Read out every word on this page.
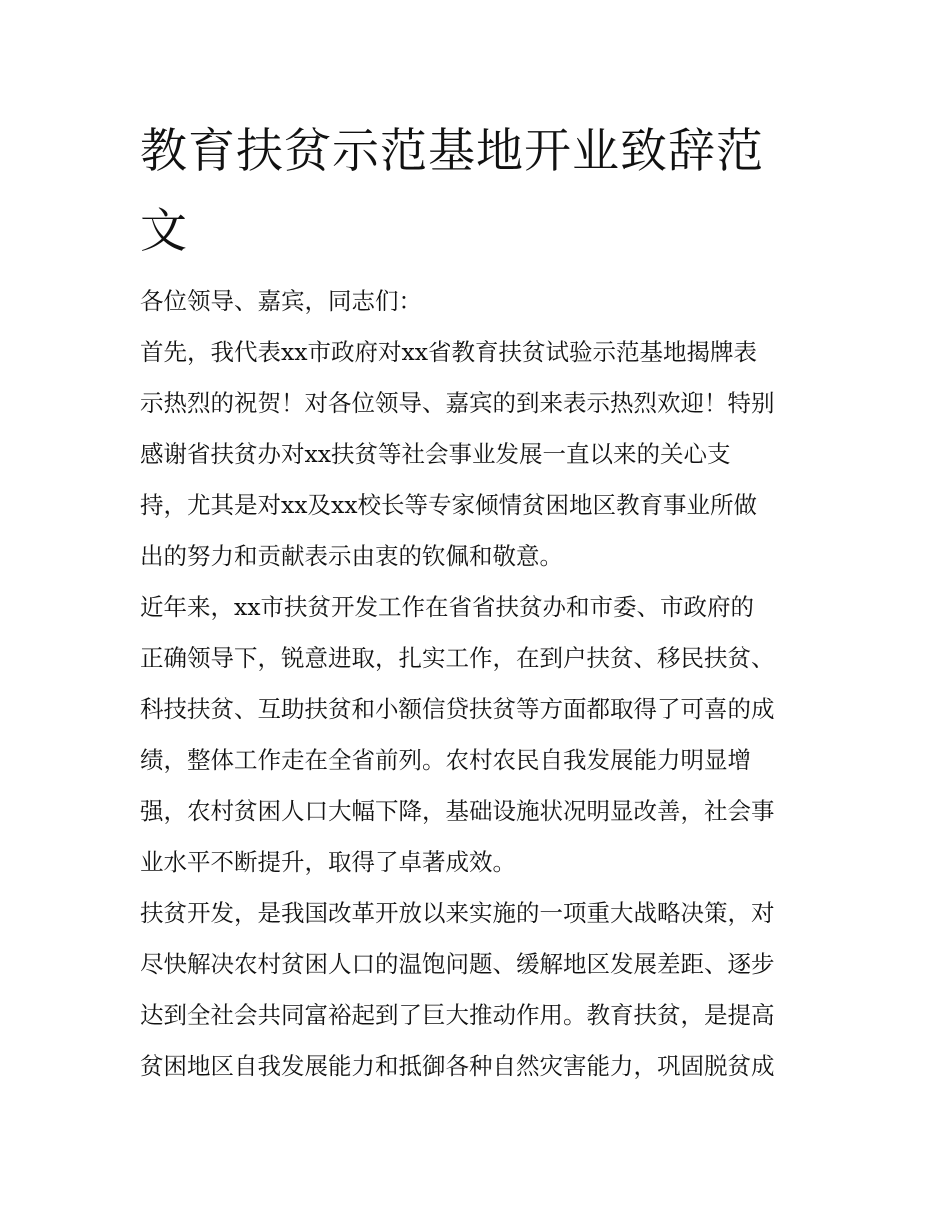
教育扶贫示范基地开业致辞范
文

各位领导、嘉宾，同志们：

首先，我代表xx市政府对xx省教育扶贫试验示范基地揭牌表
示热烈的祝贺！对各位领导、嘉宾的到来表示热烈欢迎！特别
感谢省扶贫办对xx扶贫等社会事业发展一直以来的关心支
持，尤其是对xx及xx校长等专家倾情贫困地区教育事业所做
出的努力和贡献表示由衷的钦佩和敬意。

近年来，xx市扶贫开发工作在省省扶贫办和市委、市政府的
正确领导下，锐意进取，扎实工作，在到户扶贫、移民扶贫、
科技扶贫、互助扶贫和小额信贷扶贫等方面都取得了可喜的成
绩，整体工作走在全省前列。农村农民自我发展能力明显增
强，农村贫困人口大幅下降，基础设施状况明显改善，社会事
业水平不断提升，取得了卓著成效。

扶贫开发，是我国改革开放以来实施的一项重大战略决策，对
尽快解决农村贫困人口的温饱问题、缓解地区发展差距、逐步
达到全社会共同富裕起到了巨大推动作用。教育扶贫，是提高
贫困地区自我发展能力和抵御各种自然灾害能力，巩固脱贫成
